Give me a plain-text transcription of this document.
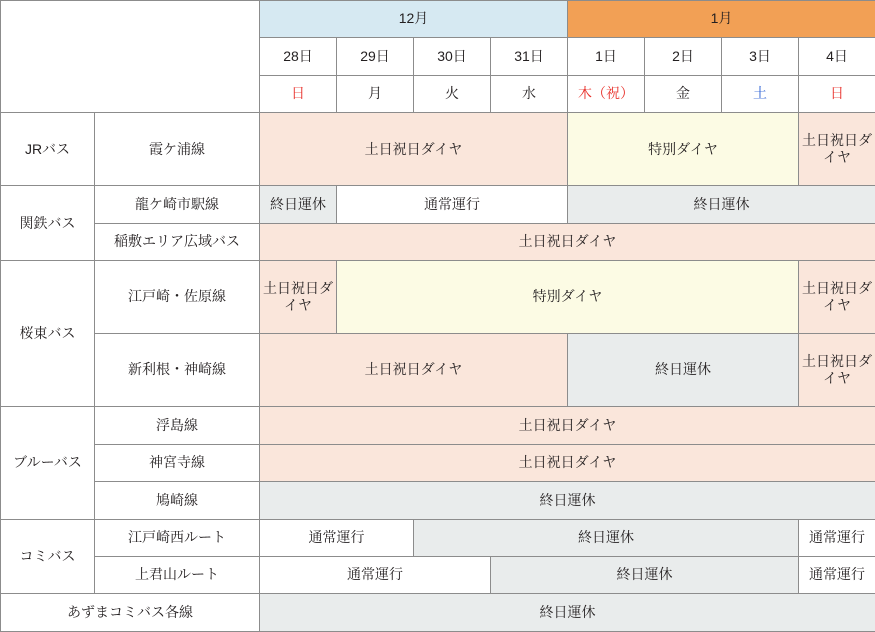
		12月				1月			
		28日	29日	30日	31日	1日	2日	3日	4日
		日	月	火	水	木（祝）	金	土	日
JRバス	霞ケ浦線	土日祝日ダイヤ				特別ダイヤ			土日祝日ダイヤ
関鉄バス	龍ケ崎市駅線	終日運休	通常運行			終日運休			
	稲敷エリア広域バス	土日祝日ダイヤ							
桜東バス	江戸崎・佐原線	土日祝日ダイヤ	特別ダイヤ						土日祝日ダイヤ
	新利根・神崎線	土日祝日ダイヤ				終日運休			土日祝日ダイヤ
ブルーバス	浮島線	土日祝日ダイヤ							
	神宮寺線	土日祝日ダイヤ							
	鳩崎線	終日運休							
コミバス	江戸崎西ルート	通常運行		終日運休					通常運行
	上君山ルート	通常運行			終日運休				通常運行
あずまコミバス各線		終日運休							
